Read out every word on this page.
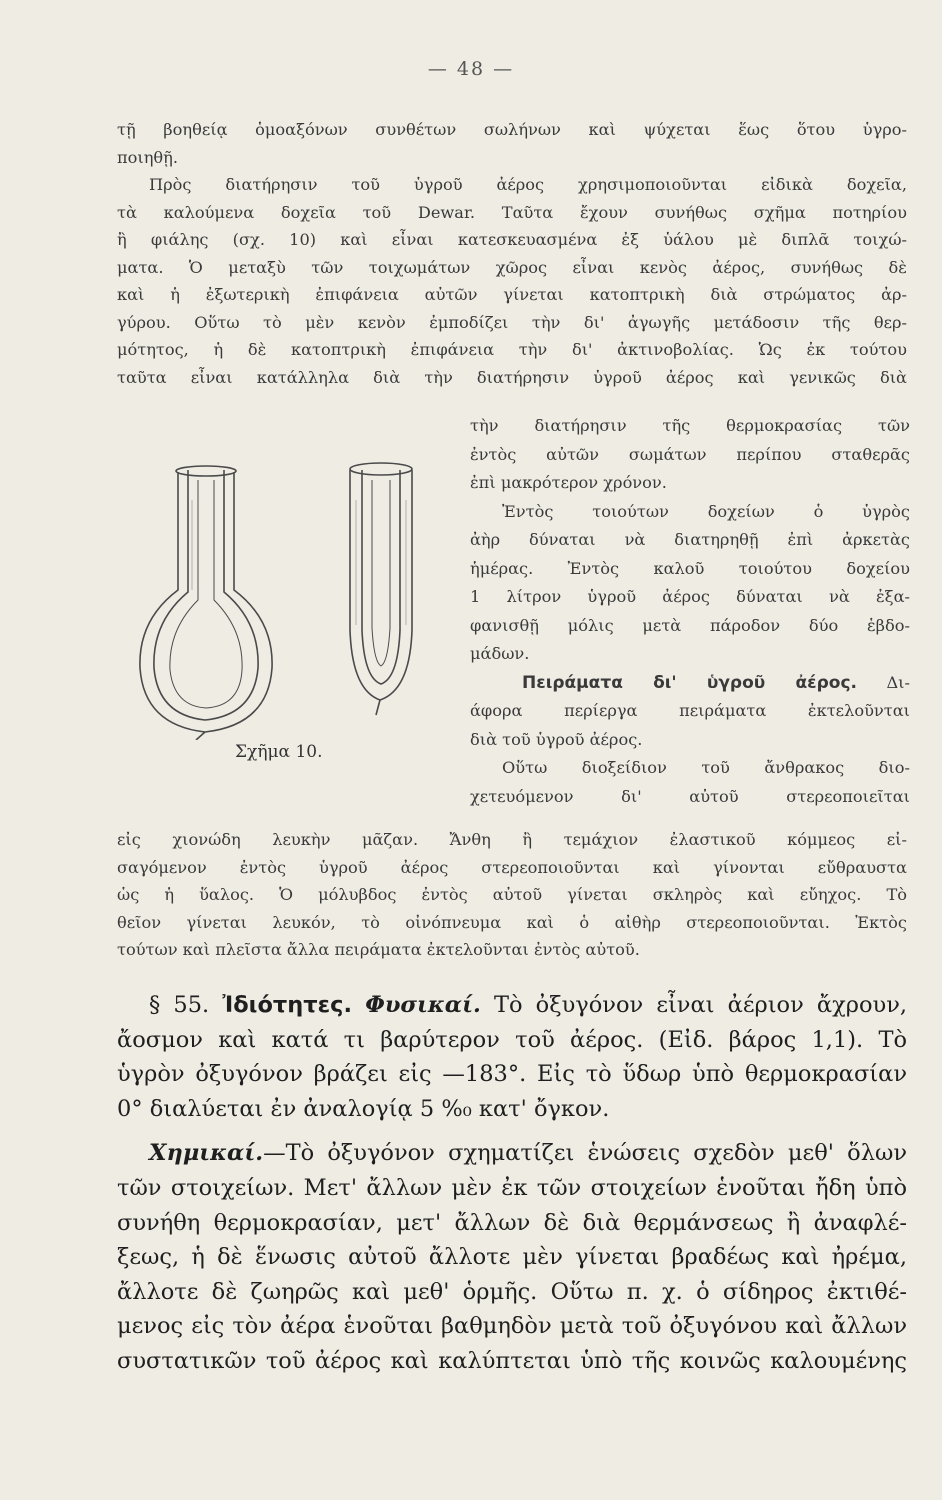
— 48 —
τῇ βοηθείᾳ ὁμοαξόνων συνθέτων σωλήνων καὶ ψύχεται ἕως ὅτου ὑγρο-
ποιηθῇ.
Πρὸς διατήρησιν τοῦ ὑγροῦ ἀέρος χρησιμοποιοῦνται εἰδικὰ δοχεῖα,
τὰ καλούμενα δοχεῖα τοῦ Dewar. Ταῦτα ἔχουν συνήθως σχῆμα ποτηρίου
ἢ φιάλης (σχ. 10) καὶ εἶναι κατεσκευασμένα ἐξ ὑάλου μὲ διπλᾶ τοιχώ-
ματα. Ὁ μεταξὺ τῶν τοιχωμάτων χῶρος εἶναι κενὸς ἀέρος, συνήθως δὲ
καὶ ἡ ἐξωτερικὴ ἐπιφάνεια αὐτῶν γίνεται κατοπτρικὴ διὰ στρώματος ἀρ-
γύρου. Οὕτω τὸ μὲν κενὸν ἐμποδίζει τὴν δι' ἀγωγῆς μετάδοσιν τῆς θερ-
μότητος, ἡ δὲ κατοπτρικὴ ἐπιφάνεια τὴν δι' ἀκτινοβολίας. Ὡς ἐκ τούτου
ταῦτα εἶναι κατάλληλα διὰ τὴν διατήρησιν ὑγροῦ ἀέρος καὶ γενικῶς διὰ
Σχῆμα 10.
τὴν διατήρησιν τῆς θερμοκρασίας τῶν
ἐντὸς αὐτῶν σωμάτων περίπου σταθερᾶς
ἐπὶ μακρότερον χρόνον.
Ἐντὸς τοιούτων δοχείων ὁ ὑγρὸς
ἀὴρ δύναται νὰ διατηρηθῇ ἐπὶ ἀρκετὰς
ἡμέρας. Ἐντὸς καλοῦ τοιούτου δοχείου
1 λίτρον ὑγροῦ ἀέρος δύναται νὰ ἐξα-
φανισθῇ μόλις μετὰ πάροδον δύο ἑβδο-
μάδων.
Πειράματα δι' ὑγροῦ ἀέρος. Δι-
άφορα περίεργα πειράματα ἐκτελοῦνται
διὰ τοῦ ὑγροῦ ἀέρος.
Οὕτω διοξείδιον τοῦ ἄνθρακος διο-
χετευόμενον δι' αὐτοῦ στερεοποιεῖται
εἰς χιονώδη λευκὴν μᾶζαν. Ἄνθη ἢ τεμάχιον ἐλαστικοῦ κόμμεος εἰ-
σαγόμενον ἐντὸς ὑγροῦ ἀέρος στερεοποιοῦνται καὶ γίνονται εὔθραυστα
ὡς ἡ ὕαλος. Ὁ μόλυβδος ἐντὸς αὐτοῦ γίνεται σκληρὸς καὶ εὔηχος. Τὸ
θεῖον γίνεται λευκόν, τὸ οἰνόπνευμα καὶ ὁ αἰθὴρ στερεοποιοῦνται. Ἐκτὸς
τούτων καὶ πλεῖστα ἄλλα πειράματα ἐκτελοῦνται ἐντὸς αὐτοῦ.
§ 55. Ἰδιότητες. Φυσικαί. Τὸ ὀξυγόνον εἶναι ἀέριον ἄχρουν,
ἄοσμον καὶ κατά τι βαρύτερον τοῦ ἀέρος. (Εἰδ. βάρος 1,1). Τὸ
ὑγρὸν ὀξυγόνον βράζει εἰς —183°. Εἰς τὸ ὕδωρ ὑπὸ θερμοκρασίαν
0° διαλύεται ἐν ἀναλογίᾳ 5 %₀ κατ' ὄγκον.
Χημικαί.—Τὸ ὀξυγόνον σχηματίζει ἑνώσεις σχεδὸν μεθ' ὅλων
τῶν στοιχείων. Μετ' ἄλλων μὲν ἐκ τῶν στοιχείων ἑνοῦται ἤδη ὑπὸ
συνήθη θερμοκρασίαν, μετ' ἄλλων δὲ διὰ θερμάνσεως ἢ ἀναφλέ-
ξεως, ἡ δὲ ἕνωσις αὐτοῦ ἄλλοτε μὲν γίνεται βραδέως καὶ ἠρέμα,
ἄλλοτε δὲ ζωηρῶς καὶ μεθ' ὁρμῆς. Οὕτω π. χ. ὁ σίδηρος ἐκτιθέ-
μενος εἰς τὸν ἀέρα ἑνοῦται βαθμηδὸν μετὰ τοῦ ὀξυγόνου καὶ ἄλλων
συστατικῶν τοῦ ἀέρος καὶ καλύπτεται ὑπὸ τῆς κοινῶς καλουμένης
